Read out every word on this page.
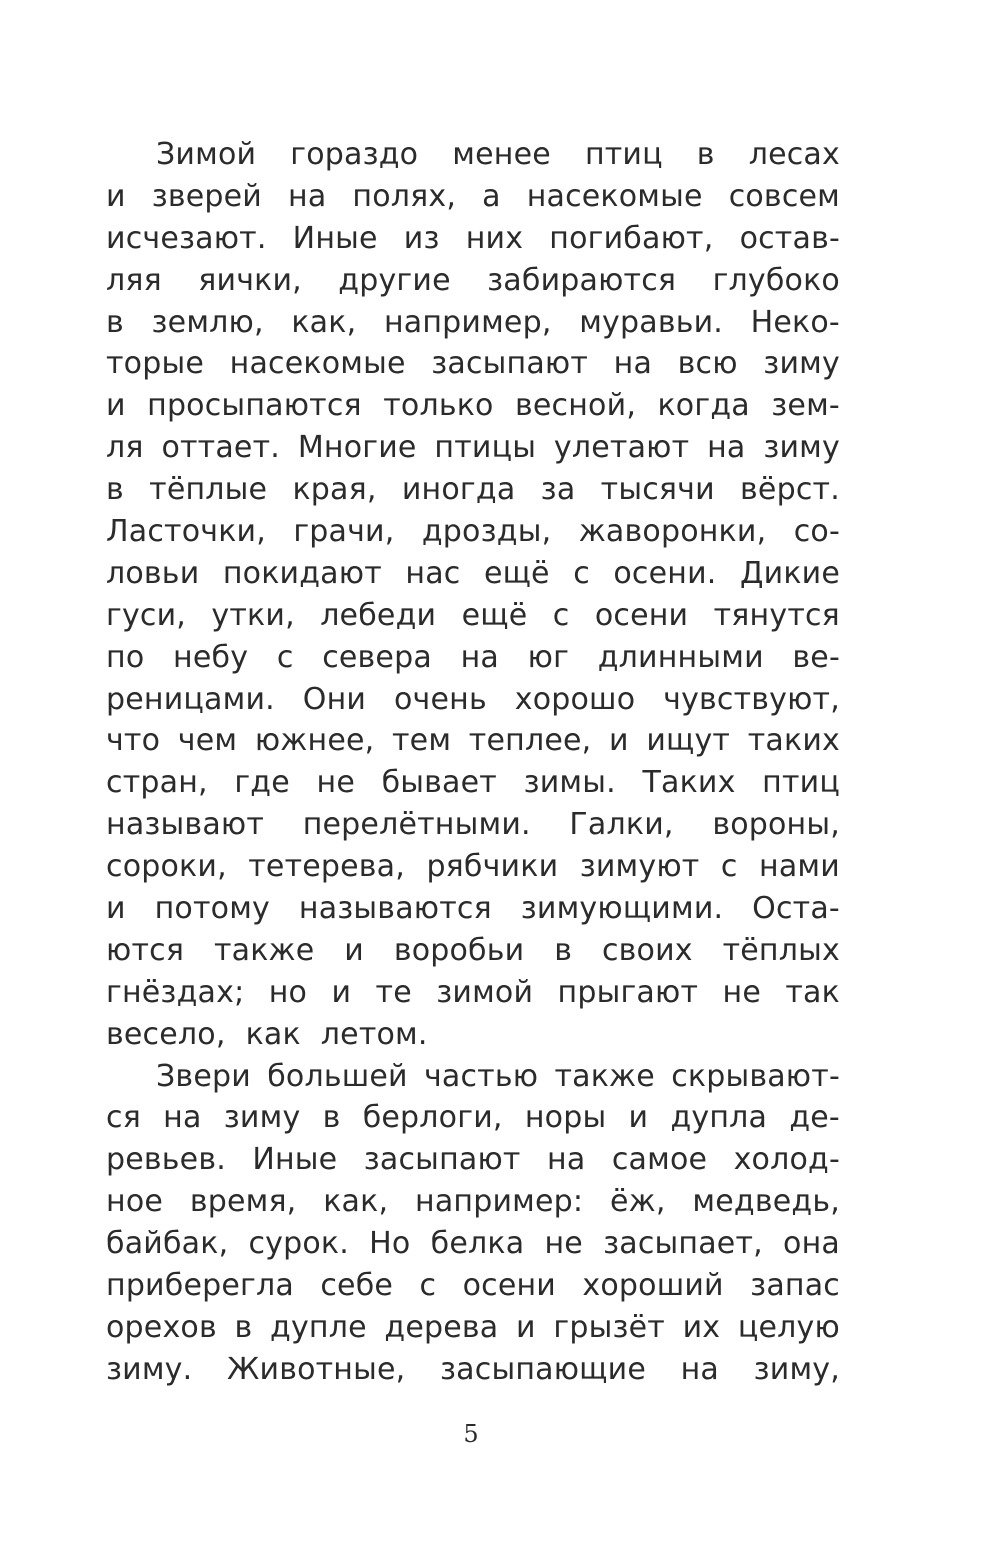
Зимой гораздо менее птиц в лесах
и зверей на полях, а насекомые совсем
исчезают. Иные из них погибают, остав-
ляя яички, другие забираются глубоко
в землю, как, например, муравьи. Неко-
торые насекомые засыпают на всю зиму
и просыпаются только весной, когда зем-
ля оттает. Многие птицы улетают на зиму
в тёплые края, иногда за тысячи вёрст.
Ласточки, грачи, дрозды, жаворонки, со-
ловьи покидают нас ещё с осени. Дикие
гуси, утки, лебеди ещё с осени тянутся
по небу с севера на юг длинными ве-
реницами. Они очень хорошо чувствуют,
что чем южнее, тем теплее, и ищут таких
стран, где не бывает зимы. Таких птиц
называют перелётными. Галки, вороны,
сороки, тетерева, рябчики зимуют с нами
и потому называются зимующими. Оста-
ются также и воробьи в своих тёплых
гнёздах; но и те зимой прыгают не так
весело, как летом.
Звери большей частью также скрывают-
ся на зиму в берлоги, норы и дупла де-
ревьев. Иные засыпают на самое холод-
ное время, как, например: ёж, медведь,
байбак, сурок. Но белка не засыпает, она
приберегла себе с осени хороший запас
орехов в дупле дерева и грызёт их целую
зиму. Животные, засыпающие на зиму,
5
